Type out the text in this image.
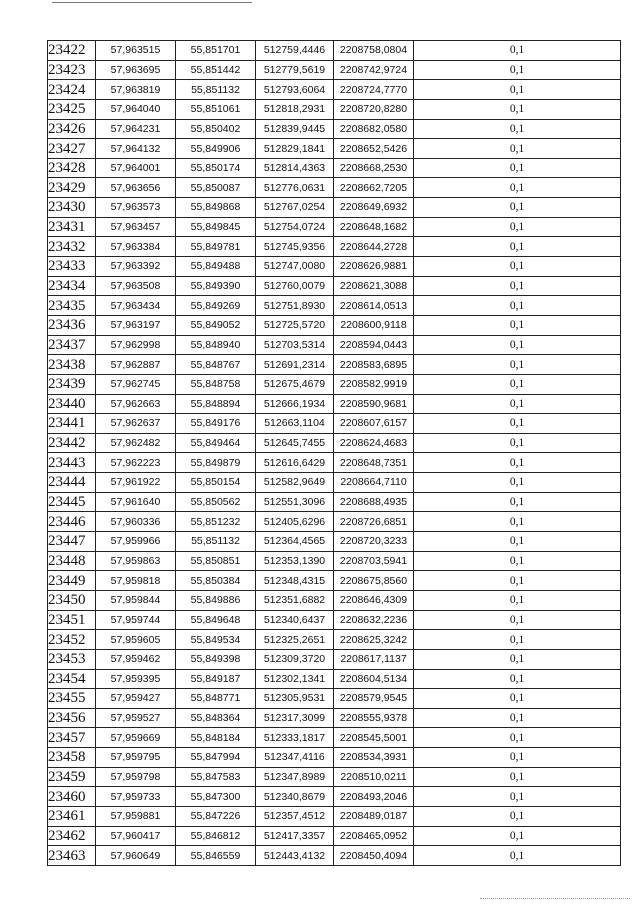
23422	57,963515	55,851701	512759,4446	2208758,0804	0,1
23423	57,963695	55,851442	512779,5619	2208742,9724	0,1
23424	57,963819	55,851132	512793,6064	2208724,7770	0,1
23425	57,964040	55,851061	512818,2931	2208720,8280	0,1
23426	57,964231	55,850402	512839,9445	2208682,0580	0,1
23427	57,964132	55,849906	512829,1841	2208652,5426	0,1
23428	57,964001	55,850174	512814,4363	2208668,2530	0,1
23429	57,963656	55,850087	512776,0631	2208662,7205	0,1
23430	57,963573	55,849868	512767,0254	2208649,6932	0,1
23431	57,963457	55,849845	512754,0724	2208648,1682	0,1
23432	57,963384	55,849781	512745,9356	2208644,2728	0,1
23433	57,963392	55,849488	512747,0080	2208626,9881	0,1
23434	57,963508	55,849390	512760,0079	2208621,3088	0,1
23435	57,963434	55,849269	512751,8930	2208614,0513	0,1
23436	57,963197	55,849052	512725,5720	2208600,9118	0,1
23437	57,962998	55,848940	512703,5314	2208594,0443	0,1
23438	57,962887	55,848767	512691,2314	2208583,6895	0,1
23439	57,962745	55,848758	512675,4679	2208582,9919	0,1
23440	57,962663	55,848894	512666,1934	2208590,9681	0,1
23441	57,962637	55,849176	512663,1104	2208607,6157	0,1
23442	57,962482	55,849464	512645,7455	2208624,4683	0,1
23443	57,962223	55,849879	512616,6429	2208648,7351	0,1
23444	57,961922	55,850154	512582,9649	2208664,7110	0,1
23445	57,961640	55,850562	512551,3096	2208688,4935	0,1
23446	57,960336	55,851232	512405,6296	2208726,6851	0,1
23447	57,959966	55,851132	512364,4565	2208720,3233	0,1
23448	57,959863	55,850851	512353,1390	2208703,5941	0,1
23449	57,959818	55,850384	512348,4315	2208675,8560	0,1
23450	57,959844	55,849886	512351,6882	2208646,4309	0,1
23451	57,959744	55,849648	512340,6437	2208632,2236	0,1
23452	57,959605	55,849534	512325,2651	2208625,3242	0,1
23453	57,959462	55,849398	512309,3720	2208617,1137	0,1
23454	57,959395	55,849187	512302,1341	2208604,5134	0,1
23455	57,959427	55,848771	512305,9531	2208579,9545	0,1
23456	57,959527	55,848364	512317,3099	2208555,9378	0,1
23457	57,959669	55,848184	512333,1817	2208545,5001	0,1
23458	57,959795	55,847994	512347,4116	2208534,3931	0,1
23459	57,959798	55,847583	512347,8989	2208510,0211	0,1
23460	57,959733	55,847300	512340,8679	2208493,2046	0,1
23461	57,959881	55,847226	512357,4512	2208489,0187	0,1
23462	57,960417	55,846812	512417,3357	2208465,0952	0,1
23463	57,960649	55,846559	512443,4132	2208450,4094	0,1
